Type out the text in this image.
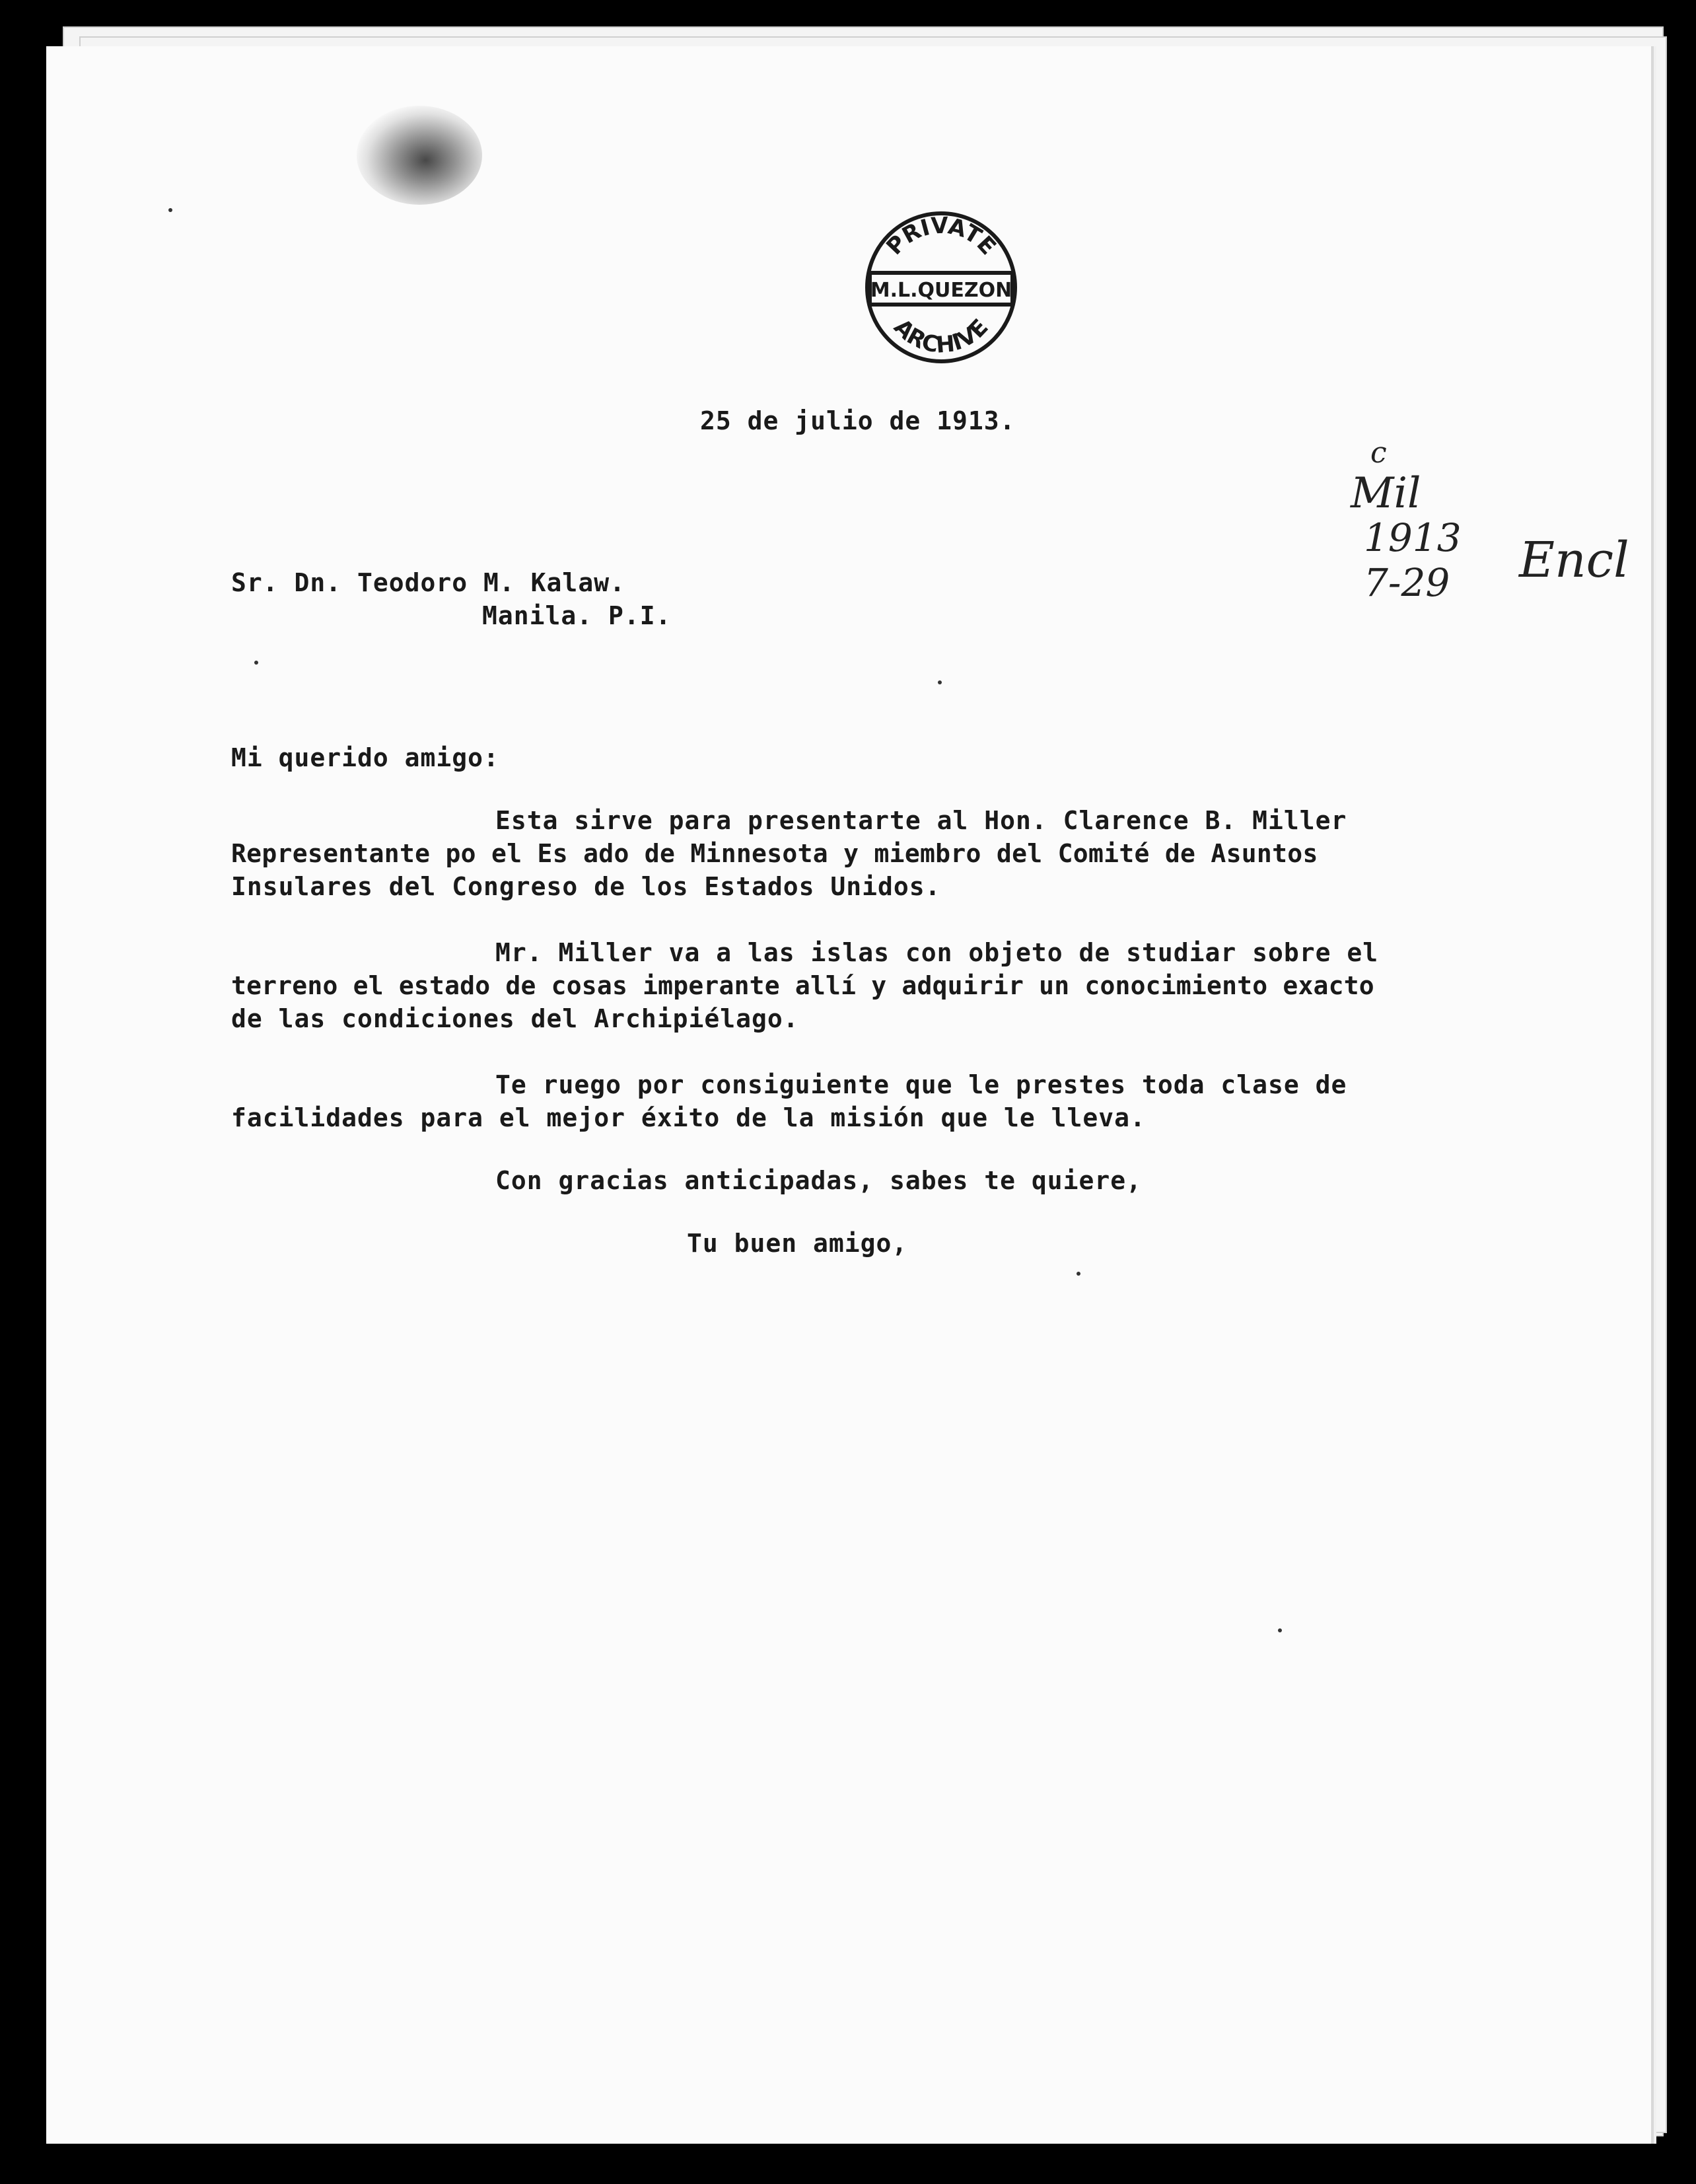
PRIVATE
M.L.QUEZON
ARCHIVE
25 de julio de 1913.
c
Mil
1913
7-29 Encl
Sr. Dn. Teodoro M. Kalaw.
Manila. P.I.
Mi querido amigo:
Esta sirve para presentarte al Hon. Clarence B. Miller
Representante po el Es ado de Minnesota y miembro del Comité de Asuntos
Insulares del Congreso de los Estados Unidos.
Mr. Miller va a las islas con objeto de studiar sobre el
terreno el estado de cosas imperante allí y adquirir un conocimiento exacto
de las condiciones del Archipiélago.
Te ruego por consiguiente que le prestes toda clase de
facilidades para el mejor éxito de la misión que le lleva.
Con gracias anticipadas, sabes te quiere,
Tu buen amigo,
